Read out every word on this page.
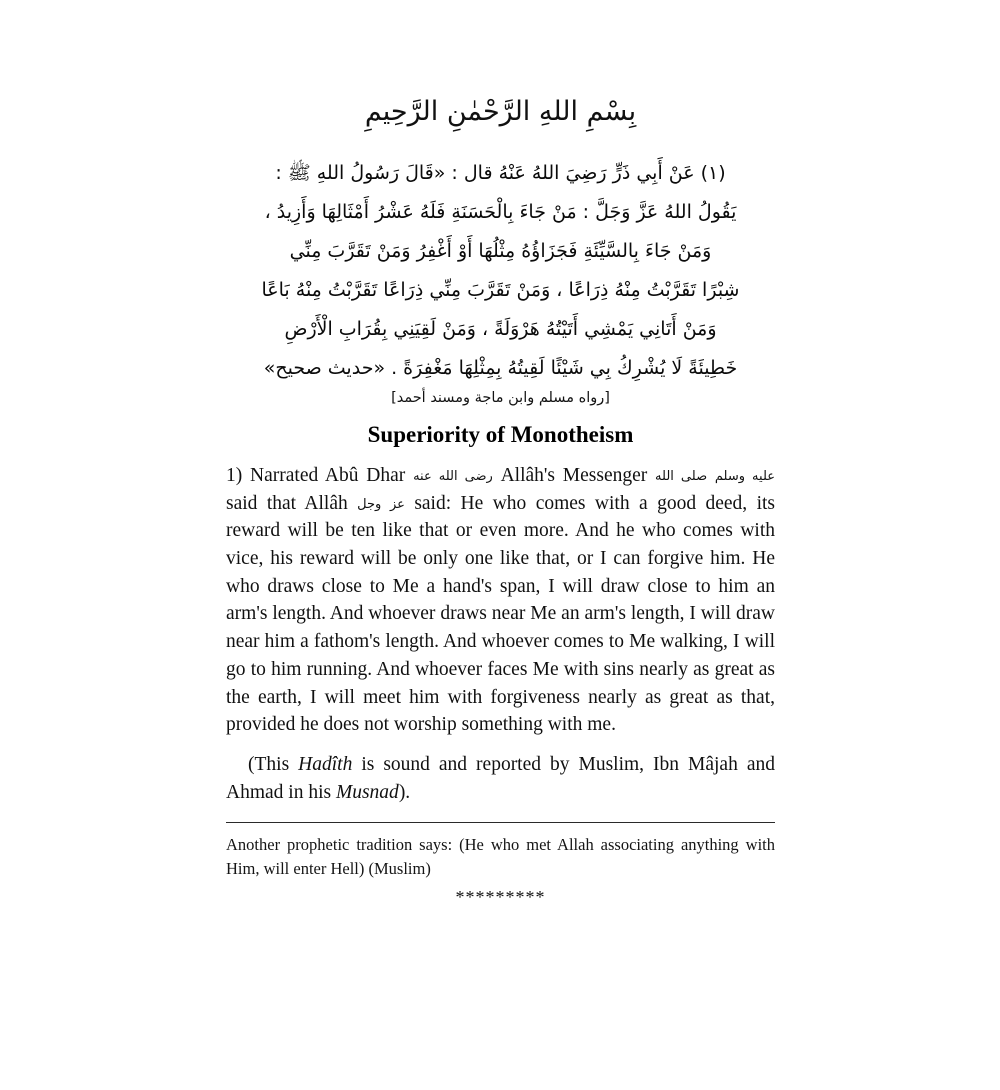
بِسْمِ اللهِ الرَّحْمٰنِ الرَّحِيمِ
(١) عَنْ أَبِي ذَرٍّ رَضِيَ اللهُ عَنْهُ قال : «قَالَ رَسُولُ اللهِ ﷺ :
يَقُولُ اللهُ عَزَّ وَجَلَّ : مَنْ جَاءَ بِالْحَسَنَةِ فَلَهُ عَشْرُ أَمْثَالِهَا وَأَزِيدُ ،
وَمَنْ جَاءَ بِالسَّيِّئَةِ فَجَزَاؤُهُ مِثْلُهَا أَوْ أَغْفِرُ وَمَنْ تَقَرَّبَ مِنِّي
شِبْرًا تَقَرَّبْتُ مِنْهُ ذِرَاعًا ، وَمَنْ تَقَرَّبَ مِنِّي ذِرَاعًا تَقَرَّبْتُ مِنْهُ بَاعًا
وَمَنْ أَتَانِي يَمْشِي أَتَيْتُهُ هَرْوَلَةً ، وَمَنْ لَقِيَنِي بِقُرَابِ الْأَرْضِ
خَطِيئَةً لَا يُشْرِكُ بِي شَيْئًا لَقِيتُهُ بِمِثْلِهَا مَغْفِرَةً . «حديث صحيح»
[رواه مسلم وابن ماجة ومسند أحمد]
Superiority of Monotheism

1) Narrated Abû Dhar رضى الله عنه Allâh's Messenger صلى الله عليه وسلم said that Allâh عز وجل said: He who comes with a good deed, its reward will be ten like that or even more. And he who comes with vice, his reward will be only one like that, or I can forgive him. He who draws close to Me a hand's span, I will draw close to him an arm's length. And whoever draws near Me an arm's length, I will draw near him a fathom's length. And whoever comes to Me walking, I will go to him running. And whoever faces Me with sins nearly as great as the earth, I will meet him with forgiveness nearly as great as that, provided he does not worship something with me.

(This Hadîth is sound and reported by Muslim, Ibn Mâjah and Ahmad in his Musnad).

Another prophetic tradition says: (He who met Allah associating anything with Him, will enter Hell) (Muslim)

*********
